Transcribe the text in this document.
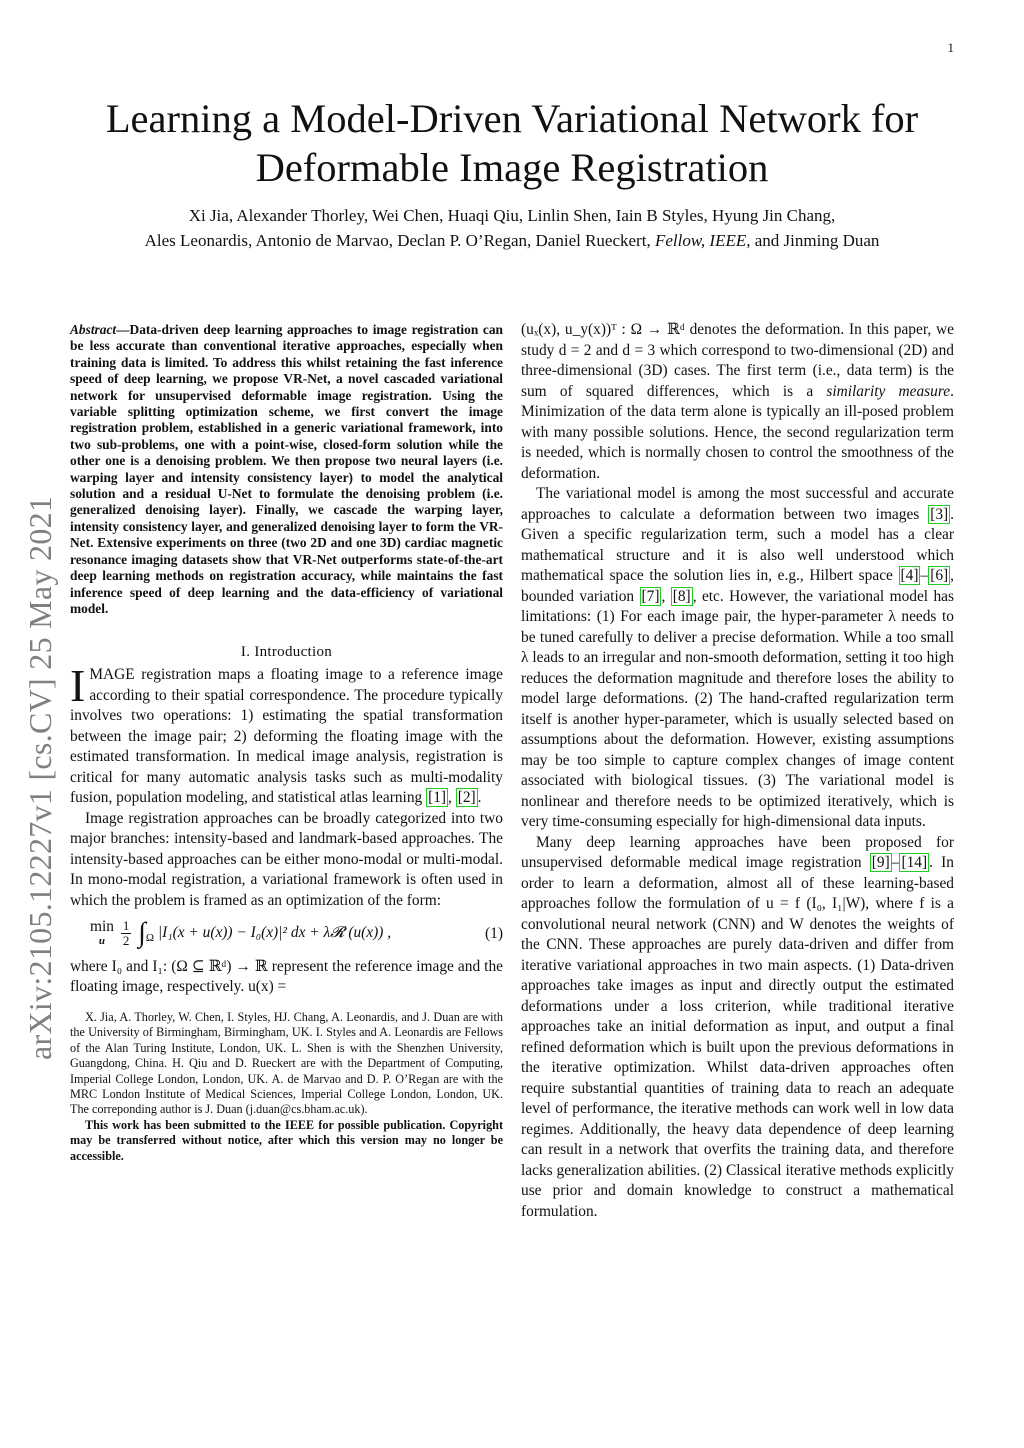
1
arXiv:2105.12227v1 [cs.CV] 25 May 2021
Learning a Model-Driven Variational Network for
Deformable Image Registration
Xi Jia, Alexander Thorley, Wei Chen, Huaqi Qiu, Linlin Shen, Iain B Styles, Hyung Jin Chang,
Ales Leonardis, Antonio de Marvao, Declan P. O’Regan, Daniel Rueckert, Fellow, IEEE, and Jinming Duan

Abstract—Data-driven deep learning approaches to image registration can be less accurate than conventional iterative approaches, especially when training data is limited. To address this whilst retaining the fast inference speed of deep learning, we propose VR-Net, a novel cascaded variational network for unsupervised deformable image registration. Using the variable splitting optimization scheme, we first convert the image registration problem, established in a generic variational framework, into two sub-problems, one with a point-wise, closed-form solution while the other one is a denoising problem. We then propose two neural layers (i.e. warping layer and intensity consistency layer) to model the analytical solution and a residual U-Net to formulate the denoising problem (i.e. generalized denoising layer). Finally, we cascade the warping layer, intensity consistency layer, and generalized denoising layer to form the VR-Net. Extensive experiments on three (two 2D and one 3D) cardiac magnetic resonance imaging datasets show that VR-Net outperforms state-of-the-art deep learning methods on registration accuracy, while maintains the fast inference speed of deep learning and the data-efficiency of variational model.

I. Introduction

IMAGE registration maps a floating image to a reference image according to their spatial correspondence. The procedure typically involves two operations: 1) estimating the spatial transformation between the image pair; 2) deforming the floating image with the estimated transformation. In medical image analysis, registration is critical for many automatic analysis tasks such as multi-modality fusion, population modeling, and statistical atlas learning [1] , [2] .

Image registration approaches can be broadly categorized into two major branches: intensity-based and landmark-based approaches. The intensity-based approaches can be either mono-modal or multi-modal. In mono-modal registration, a variational framework is often used in which the problem is framed as an optimization of the form:

min
u
$\frac{1}{2} \int_\Omega$ |I₁(x + u(x)) − I₀(x)|² dx + λ𝓡 (u(x)) ,	(1)

where I₀ and I₁: (Ω ⊆ ℝᵈ) → ℝ represent the reference image and the floating image, respectively. u(x) =

X. Jia, A. Thorley, W. Chen, I. Styles, HJ. Chang, A. Leonardis, and J. Duan are with the University of Birmingham, Birmingham, UK. I. Styles and A. Leonardis are Fellows of the Alan Turing Institute, London, UK. L. Shen is with the Shenzhen University, Guangdong, China. H. Qiu and D. Rueckert are with the Department of Computing, Imperial College London, London, UK. A. de Marvao and D. P. O’Regan are with the MRC London Institute of Medical Sciences, Imperial College London, London, UK. The correponding author is J. Duan (j.duan@cs.bham.ac.uk).

This work has been submitted to the IEEE for possible publication. Copyright may be transferred without notice, after which this version may no longer be accessible.

(uₓ(x), u_y(x))ᵀ : Ω → ℝᵈ denotes the deformation. In this paper, we study d = 2 and d = 3 which correspond to two-dimensional (2D) and three-dimensional (3D) cases. The first term (i.e., data term) is the sum of squared differences, which is a similarity measure. Minimization of the data term alone is typically an ill-posed problem with many possible solutions. Hence, the second regularization term is needed, which is normally chosen to control the smoothness of the deformation.

The variational model is among the most successful and accurate approaches to calculate a deformation between two images [3] . Given a specific regularization term, such a model has a clear mathematical structure and it is also well understood which mathematical space the solution lies in, e.g., Hilbert space [4] – [6] , bounded variation [7] , [8] , etc. However, the variational model has limitations: (1) For each image pair, the hyper-parameter λ needs to be tuned carefully to deliver a precise deformation. While a too small λ leads to an irregular and non-smooth deformation, setting it too high reduces the deformation magnitude and therefore loses the ability to model large deformations. (2) The hand-crafted regularization term itself is another hyper-parameter, which is usually selected based on assumptions about the deformation. However, existing assumptions may be too simple to capture complex changes of image content associated with biological tissues. (3) The variational model is nonlinear and therefore needs to be optimized iteratively, which is very time-consuming especially for high-dimensional data inputs.

Many deep learning approaches have been proposed for unsupervised deformable medical image registration [9] – [14] . In order to learn a deformation, almost all of these learning-based approaches follow the formulation of u = f (I₀, I₁|W), where f is a convolutional neural network (CNN) and W denotes the weights of the CNN. These approaches are purely data-driven and differ from iterative variational approaches in two main aspects. (1) Data-driven approaches take images as input and directly output the estimated deformations under a loss criterion, while traditional iterative approaches take an initial deformation as input, and output a final refined deformation which is built upon the previous deformations in the iterative optimization. Whilst data-driven approaches often require substantial quantities of training data to reach an adequate level of performance, the iterative methods can work well in low data regimes. Additionally, the heavy data dependence of deep learning can result in a network that overfits the training data, and therefore lacks generalization abilities. (2) Classical iterative methods explicitly use prior and domain knowledge to construct a mathematical formulation.
